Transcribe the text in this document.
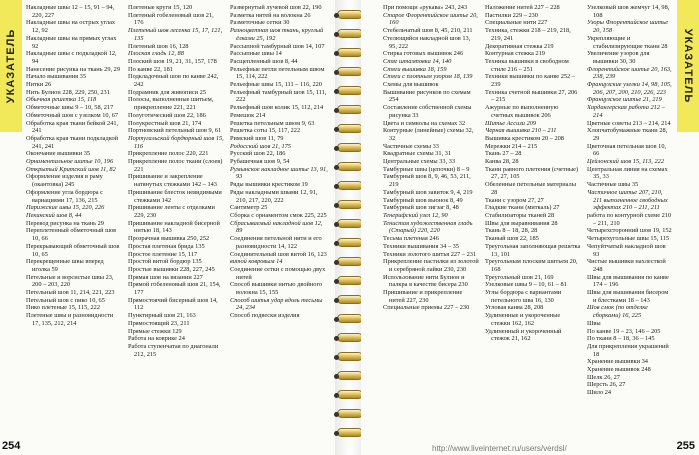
УКАЗАТЕЛЬ
Накладные швы 12 – 15, 91 – 94, 220, 227
Накладные швы на острых углах 12, 92
Накладные швы на прямых углах 92
Накладные швы с подкладкой 12, 94
Нанесение рисунка на ткань 29, 29
Начало вышивания 35
Нитки 26
Нить Булион 228, 229, 250, 231
Обычная решетка 15, 118
Обметочные швы 9 – 10, 58, 217
Обметочный шов с узелком 10, 67
Обработка края ткани бейкой 241, 241
Обработка края ткани подкладкой 241, 241
Окончание вышивки 35
Орнаментальное шитье 10, 196
Открытый Критский шов 11, 82
Оформление изделия в раму (окантовка) 245
Оформление угла бордюра с вариациями 17, 136, 215
Парижские швы 15, 220, 226
Пекинский шов 8, 44
Перевод рисунка на ткань 29
Переплетенный обметочный шов 10, 66
Перекрывающий обметочный шов 10, 65
Перекрещенные швы вперед иголка 59
Петельные и ворсистые швы 23, 200 – 203, 220
Петельный шов 11, 214, 221, 223
Петельный шов с пико 10, 65
Пико плетеные 15, 115, 222
Плетеные швы и разновидности 17, 135, 212, 214
Плетеные круги 15, 120
Плетеный гобеленовый шов 21, 176
Плетеный шов лесенка 15, 17, 121, 135
Плетеный шов 16, 128
Плоская гладь 12, 88
Плоский шов 19, 21, 31, 157, 178
По канве 22, 181
Подкладочный шов по канве 242, 242
Подрамник для живописи 25
Полосы, выполненные шитьем, прикрепление 221, 221
Полуготический шов 22, 186
Полукрестный шов 21, 174
Портновский петельный шов 9, 61
Португальский бордюрный шов 15, 116
Прикрепление полос 220, 221
Прикрепление полос ткани (слоев) 221
Пришивание и закрепление натянутых стежками 142 – 143
Пришивание блесток невидимыми стежками 142
Пришивание ленты с отделками 229, 230
Пришивание накладной бисерной нитью 18, 143
Прозрачная вышивка 250, 252
Простая плетеная брида 135
Простое плетение 15, 117
Простой витой бордюр 135
Простые вышивки 228, 227, 245
Прямая шов на вязании 227
Прямой гобеленовый шов 21, 154, 177
Прямостоячий бисерный шов 14, 112
Пунктирный шов 21, 163
Прямостоящий 23, 211
Прямые стежки 129
Работа на коврике 24
Работа ступенчатая по диагонали 212, 215
Развернутый лучевой шов 22, 190
Разметка нитей на волокна 26
Разметочные сетки 30
Разноцветная шов ткань, круглый ёлками 25, 192
Рассыпной тамбурный шов 14, 107
Рассыпные швы 14
Расщепленный шов 8, 44
Рельефные петли петельным швом 15, 114, 222
Рельефные швы 15, 111 – 116, 220
Рельефный тамбурный шов 15, 111, 222
Рельефный шов колик 15, 112, 214
Ремешок 214
Решетка петельным швом 9, 63
Решетка соты 15, 117, 222
Римский шов 11, 79
Родосский шов 21, 175
Русский шов 22, 186
Рубашечная шов 9, 54
Румынское накладное шитье 13, 91, 93
Ряды вышивки крестиком 19
Ряды накладными швами 12, 91, 210, 217, 220, 222
Сантиметр 25
Сборка с орнаментом смок 225, 225
Сбрасываемый накладной шов 12, 89
Соединения петельной нити и его разновидности 14, 122
Соединительный шов витой 16, 123
витой ковровым 14
Соединение сетки с помощью двух нитей
Способ вышивки нитью двойного волокна 15, 155
Способ шитья удар вдоль тесьмы 24, 234
Способ подвески изделия
254
УКАЗАТЕЛЬ
При помощи «рукава» 243, 243
Старое Флорентийское шитье 20, 160
Стебельчатый шов 8, 45, 210, 211
Стелющийся накладной шов 13, 95, 222
Стирка готовых вышивок 246
Стяг штамповка 14, 140
Стяги вышивка 18, 159
Стяги с плотным узором 18, 139
Схемы для вышивок
Вышивание рисунков по схемам 254
Составление собственной схемы рисунка 33
Цвета и символы на схемах 32
Контурные (линейные) схемы 32, 32
Частичные схемы 33
Квадратные схемы 31, 31
Центральные схемы 33, 33
Тамбурные швы (цепочки) 8 – 9
Тамбурный шов 8, 9, 46, 53, 211, 219
Тамбурный шов завиток 9, 4, 219
Тамбурный шов вьюнок 8, 49
Тамбурный шов зигзаг 8, 48
Тенерифский узел 12, 90
Тенистая художественная гладь (Старый) 220, 220
Тесьма плетеная 246
Техники вышивания 34 – 35
Техники золотого шитья 227 – 231
Прикрепление пастилки из золотой и серебряной лайки 230, 230
Использование нити Булион и палкра в качестве бисера 230
Пришивание и прикрепление нитей 227, 230
Специальные приемы 227 – 230
Наложение нитей 227 – 228
Пастилки 229 – 230
Специальные нити 227
Техника, стежки 218 – 219, 218, 219, 241
Декоративная стежка 219
Контурная стежка 219
Техника вышивки в свободном стиле 216 – 251
Техники вышивки по канве 252 – 239
Техника счетной вышивки 27, 206 – 215
Ажурные по выполненную счетных вышивок 206
Шитье Ассизи 209
Черная вышивка 210 – 211
Вышивка крестиком 20 – 208
Мережки 214 – 215
Ткань 27 – 28
Канва 28, 28
Ткани равного плетения (счетные) 27, 27, 105
Обеленные петельные материалы 28
Ткани с узором 27, 27
Гладкие ткани (миткаль) 27
Стабилизаторы тканей 28
Швы для выравнивания 28
Ткань 8 – 18, 28, 28
Тканый шов 22, 185
Треугольная заполняющая решетка 13, 101
Треугольным плоским шитьем 20, 168
Треугольный шов 21, 169
Узелковые швы 9 – 10, 61 – 81
Углы бордюра с вариантами петельного шва 16, 130
Угловая канва 28, 208
Удлиненные и укороченные стежки 162, 162
Удлиненный и укороченный стежок 21, 162
Узелковый шов жемчуг 14, 98, 108
Узоры Флорентийское шитье 20, 158
Укрепляющие и стабилизирующие ткани 28
Увеличение узоров для вышивки 30, 30
Флорентийское шитье 20, 163, 238, 239
Французские узелки 14, 98, 105, 206, 207, 200, 210, 226, 223
Французское шитье 21, 219
Хардангерская работа 212 – 214
Цветные советы 213 – 214, 214
Хлопчатобумажные ткани 28, 29
Цветочная петельная шов 10, 66
Цейлонский шов 15, 113, 222
Центральная линия на схемах 35, 33
Частичные швы 35
Частичное шитье 207, 210, 211 выполненное свободных эффектах 210 – 211, 211
работа по контурной схеме 210 – 211, 210
Четырехсторонний шов 19, 152
Четырехугольные швы 15, 115
Чепуйтчатый накладной шов 93
Чистые вышивки нахлесткой 248
Швы для вышивания по канве 174 – 196
Швы для вышивания бисером и блестками 18 – 143
Шов смок (по отделке сборками) 16, 225
Швы
По канве 19 – 23, 146 – 205
По ткани 8 – 18, 36 – 145
Для прикрепления украшений 18
Хранение вышивки 34
Хранение вышивок 248
Шелк 26, 27
Шерсть 26, 27
Шило 24
255
http://www.liveinternet.ru/users/verdsl/
